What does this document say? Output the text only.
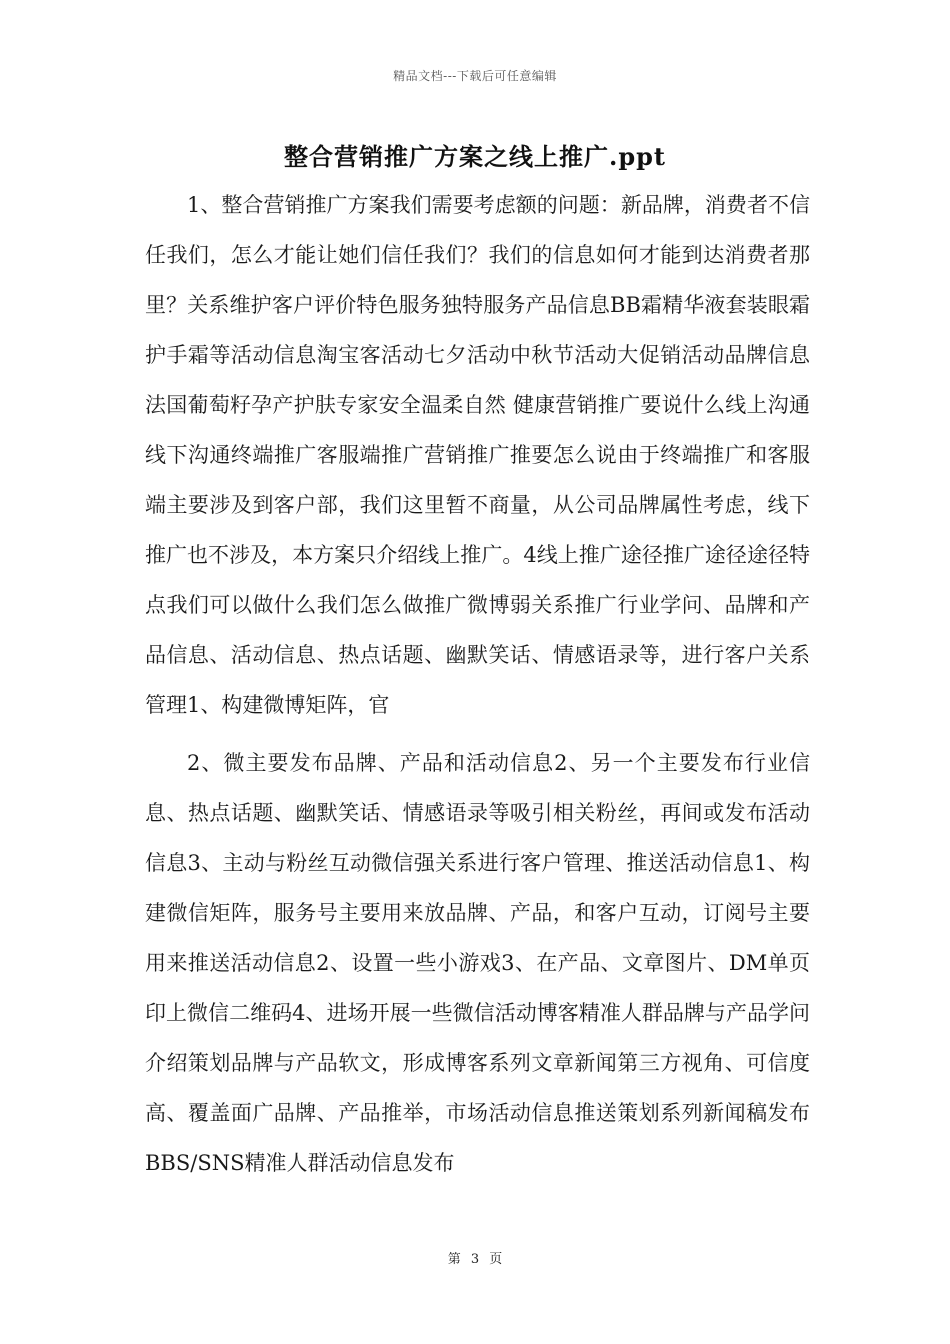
精品文档---下载后可任意编辑
整合营销推广方案之线上推广.ppt

1、整合营销推广方案我们需要考虑额的问题：新品牌，消费者不信任我们，怎么才能让她们信任我们？我们的信息如何才能到达消费者那里？关系维护客户评价特色服务独特服务产品信息BB霜精华液套装眼霜护手霜等活动信息淘宝客活动七夕活动中秋节活动大促销活动品牌信息法国葡萄籽孕产护肤专家安全温柔自然 健康营销推广要说什么线上沟通线下沟通终端推广客服端推广营销推广推要怎么说由于终端推广和客服端主要涉及到客户部，我们这里暂不商量，从公司品牌属性考虑，线下推广也不涉及，本方案只介绍线上推广。4线上推广途径推广途径途径特点我们可以做什么我们怎么做推广微博弱关系推广行业学问、品牌和产品信息、活动信息、热点话题、幽默笑话、情感语录等，进行客户关系管理1、构建微博矩阵，官

2、微主要发布品牌、产品和活动信息2、另一个主要发布行业信息、热点话题、幽默笑话、情感语录等吸引相关粉丝，再间或发布活动信息3、主动与粉丝互动微信强关系进行客户管理、推送活动信息1、构建微信矩阵，服务号主要用来放品牌、产品，和客户互动，订阅号主要用来推送活动信息2、设置一些小游戏3、在产品、文章图片、DM单页印上微信二维码4、进场开展一些微信活动博客精准人群品牌与产品学问介绍策划品牌与产品软文，形成博客系列文章新闻第三方视角、可信度高、覆盖面广品牌、产品推举，市场活动信息推送策划系列新闻稿发布BBS/SNS精准人群活动信息发布

第 3 页
